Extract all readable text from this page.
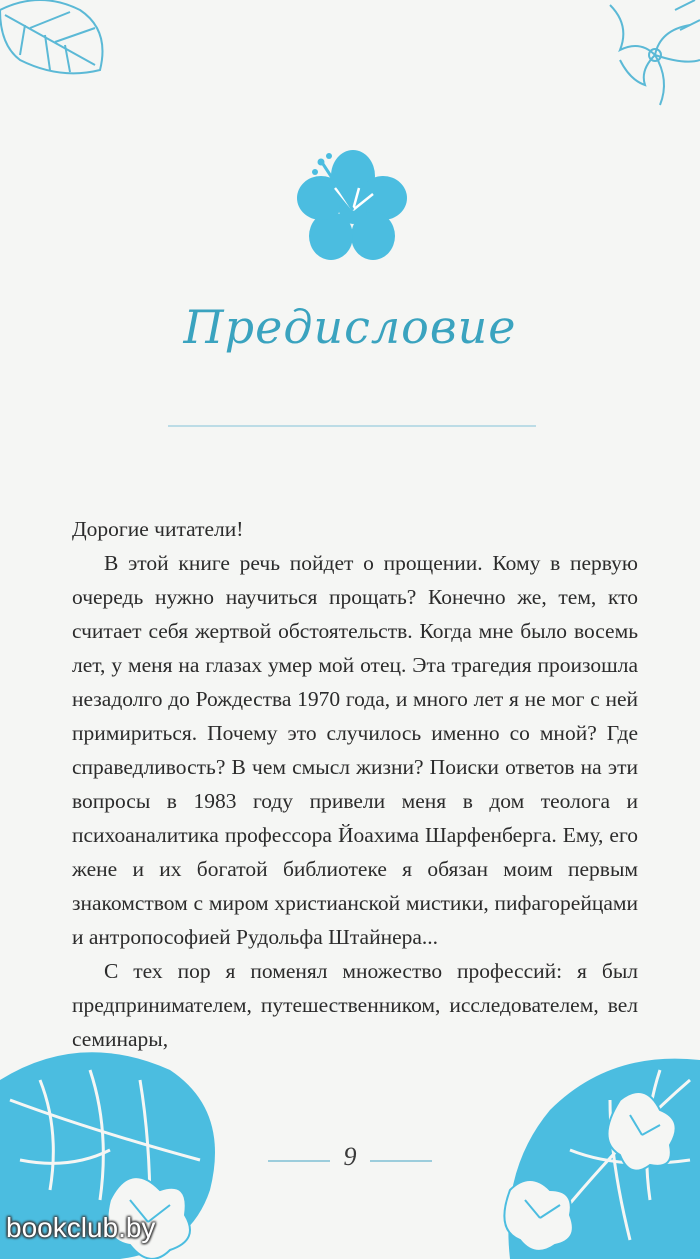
Предисловие

Дорогие читатели!

В этой книге речь пойдет о прощении. Кому в первую очередь нужно научиться прощать? Конечно же, тем, кто считает себя жертвой обстоятельств. Когда мне было восемь лет, у меня на глазах умер мой отец. Эта трагедия произошла незадолго до Рождества 1970 года, и много лет я не мог с ней примириться. Почему это случилось именно со мной? Где справедливость? В чем смысл жизни? Поиски ответов на эти вопросы в 1983 году привели меня в дом теолога и психоаналитика профессора Йоахима Шарфенберга. Ему, его жене и их богатой библиотеке я обязан моим первым знакомством с миром христианской мистики, пифагорейцами и антропософией Рудольфа Штайнера...

С тех пор я поменял множество профессий: я был предпринимателем, путешественником, исследователем, вел семинары,

9
bookclub.by
